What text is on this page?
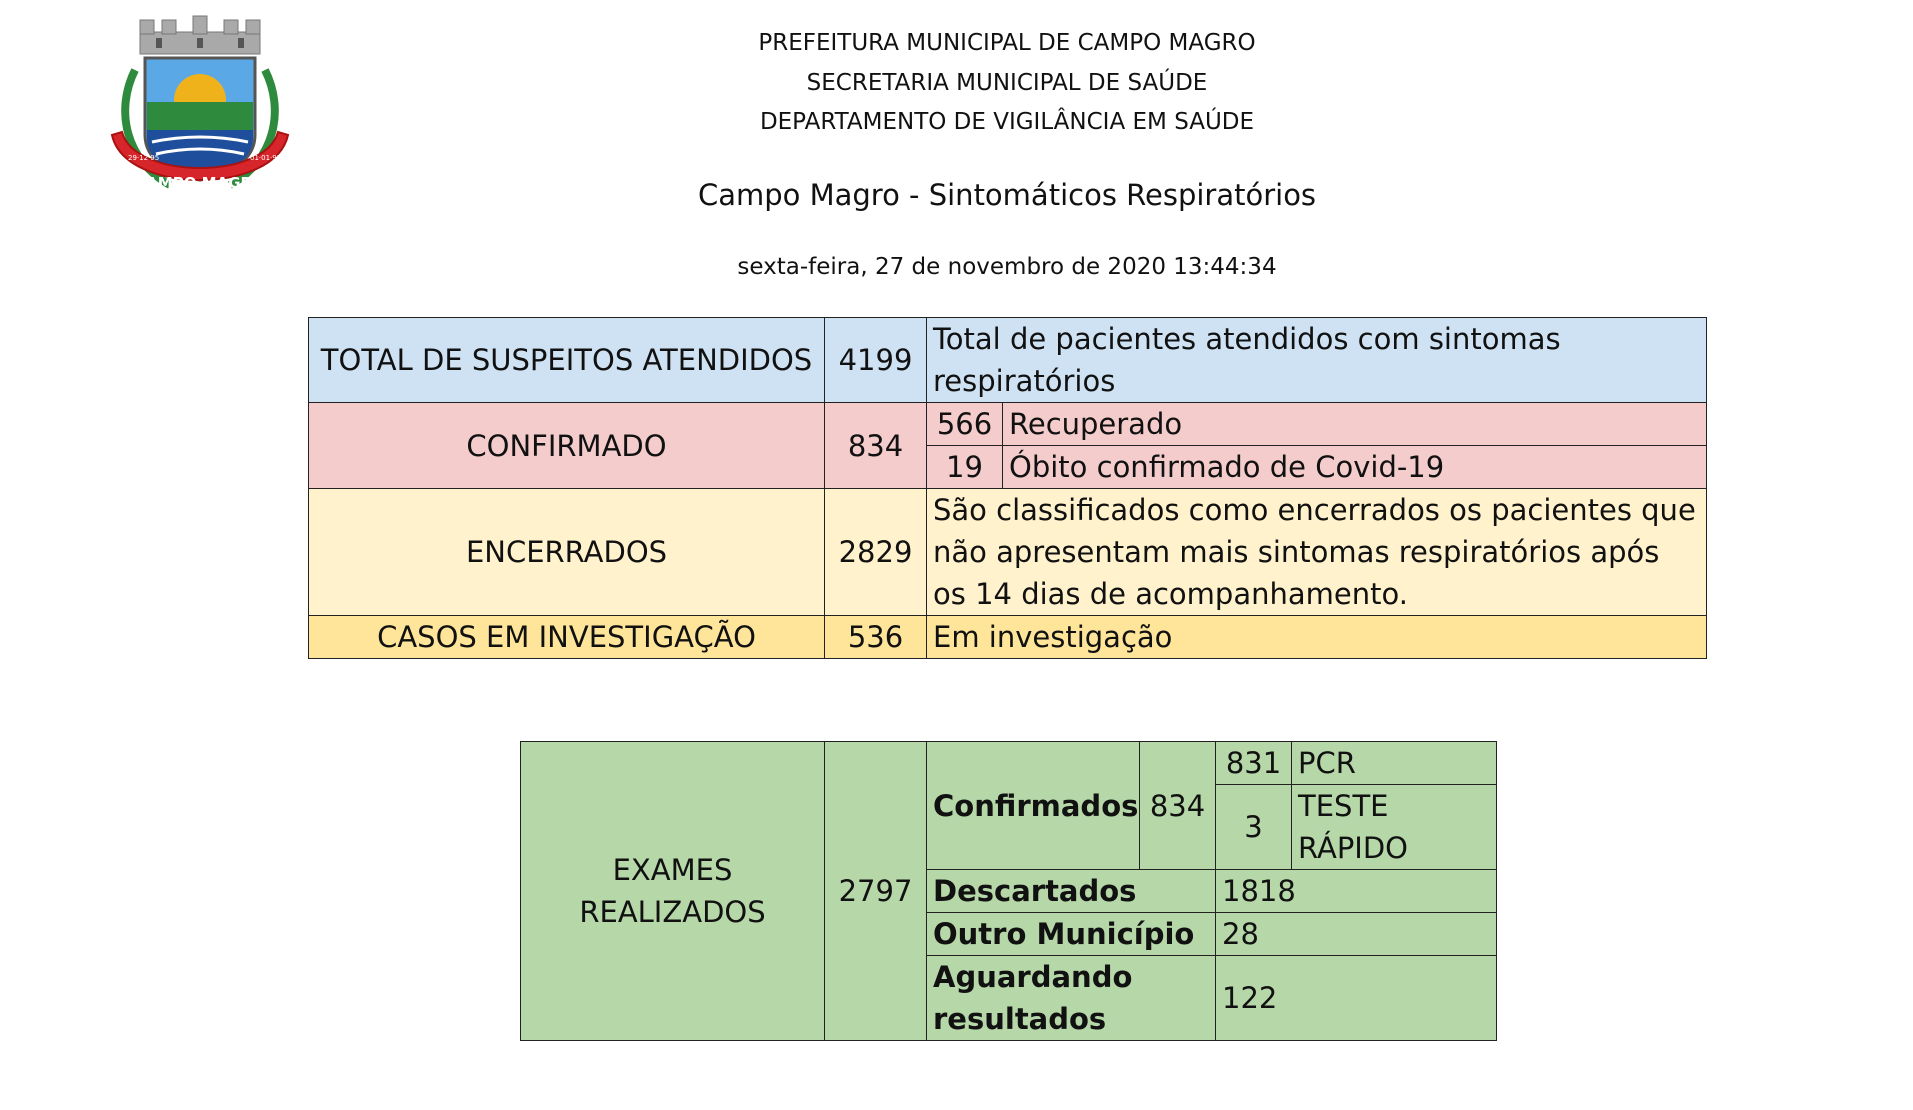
CAMPO MAGRO
29·12·95	01·01·97
PREFEITURA MUNICIPAL DE CAMPO MAGRO
SECRETARIA MUNICIPAL DE SAÚDE
DEPARTAMENTO DE VIGILÂNCIA EM SAÚDE
Campo Magro - Sintomáticos Respiratórios
sexta-feira, 27 de novembro de 2020 13:44:34
TOTAL DE SUSPEITOS ATENDIDOS	4199	Total de pacientes atendidos com sintomas respiratórios	
CONFIRMADO	834	566	Recuperado
		19	Óbito confirmado de Covid-19
ENCERRADOS	2829	São classificados como encerrados os pacientes que não apresentam mais sintomas respiratórios após os 14 dias de acompanhamento.	
CASOS EM INVESTIGAÇÃO	536	Em investigação	
EXAMES REALIZADOS	2797	Confirmados	834	831	PCR
				3	TESTE RÁPIDO
		Descartados		1818	
		Outro Município		28	
		Aguardando resultados		122	
